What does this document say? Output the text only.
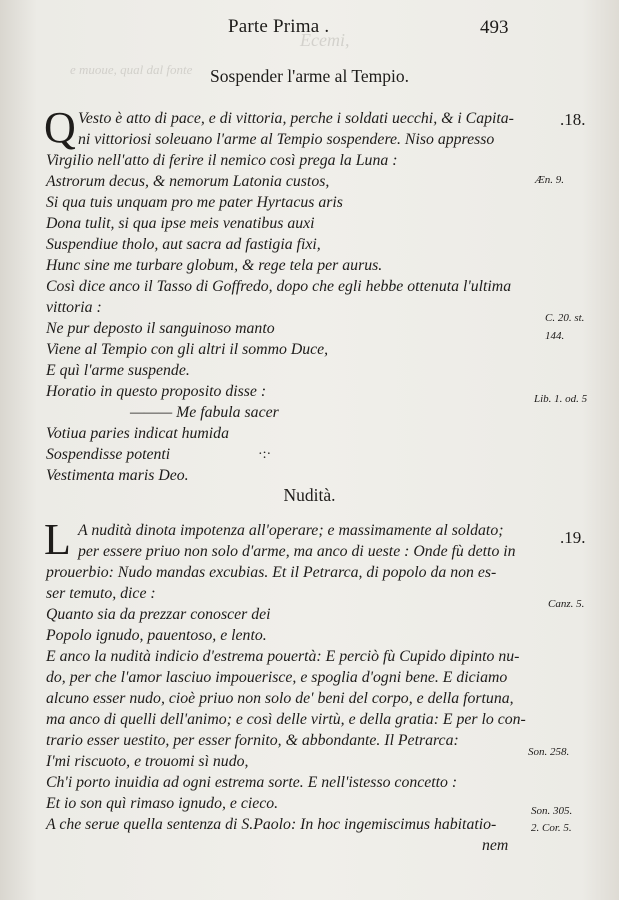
e muoue, qual dal fonte
Ecemi,
Parte Prima .	493
Sospender l'arme al Tempio.
Q	.18.
Vesto è atto di pace, e di vittoria, perche i soldati uecchi, & i Capita-
ni vittoriosi soleuano l'arme al Tempio sospendere. Niso appresso
Virgilio nell'atto di ferire il nemico così prega la Luna :
Astrorum decus, & nemorum Latonia custos,
Si qua tuis unquam pro me pater Hyrtacus aris
Dona tulit, si qua ipse meis venatibus auxi
Suspendiue tholo, aut sacra ad fastigia fixi,
Hunc sine me turbare globum, & rege tela per aurus.
Così dice anco il Tasso di Goffredo, dopo che egli hebbe ottenuta l'ultima
vittoria :
Ne pur deposto il sanguinoso manto
Viene al Tempio con gli altri il sommo Duce,
E quì l'arme suspende.
Horatio in questo proposito disse :
——— Me fabula sacer
Votiua paries indicat humida
Sospendisse potenti
Vestimenta maris Deo.
·:·
Æn. 9.
C. 20. st.
144.
Lib. 1. od. 5
Nudità.
L	.19.
A nudità dinota impotenza all'operare; e massimamente al soldato;
per essere priuo non solo d'arme, ma anco di ueste : Onde fù detto in
prouerbio: Nudo mandas excubias. Et il Petrarca, di popolo da non es-
ser temuto, dice :
Quanto sia da prezzar conoscer dei
Popolo ignudo, pauentoso, e lento.
E anco la nudità indicio d'estrema pouertà: E perciò fù Cupido dipinto nu-
do, per che l'amor lasciuo impouerisce, e spoglia d'ogni bene. E diciamo
alcuno esser nudo, cioè priuo non solo de' beni del corpo, e della fortuna,
ma anco di quelli dell'animo; e così delle virtù, e della gratia: E per lo con-
trario esser uestito, per esser fornito, & abbondante. Il Petrarca:
I'mi riscuoto, e trouomi sì nudo,
Ch'i porto inuidia ad ogni estrema sorte. E nell'istesso concetto :
Et io son quì rimaso ignudo, e cieco.
A che serue quella sentenza di S.Paolo: In hoc ingemiscimus habitatio-
nem
Canz. 5.
Son. 258.
Son. 305.
2. Cor. 5.
